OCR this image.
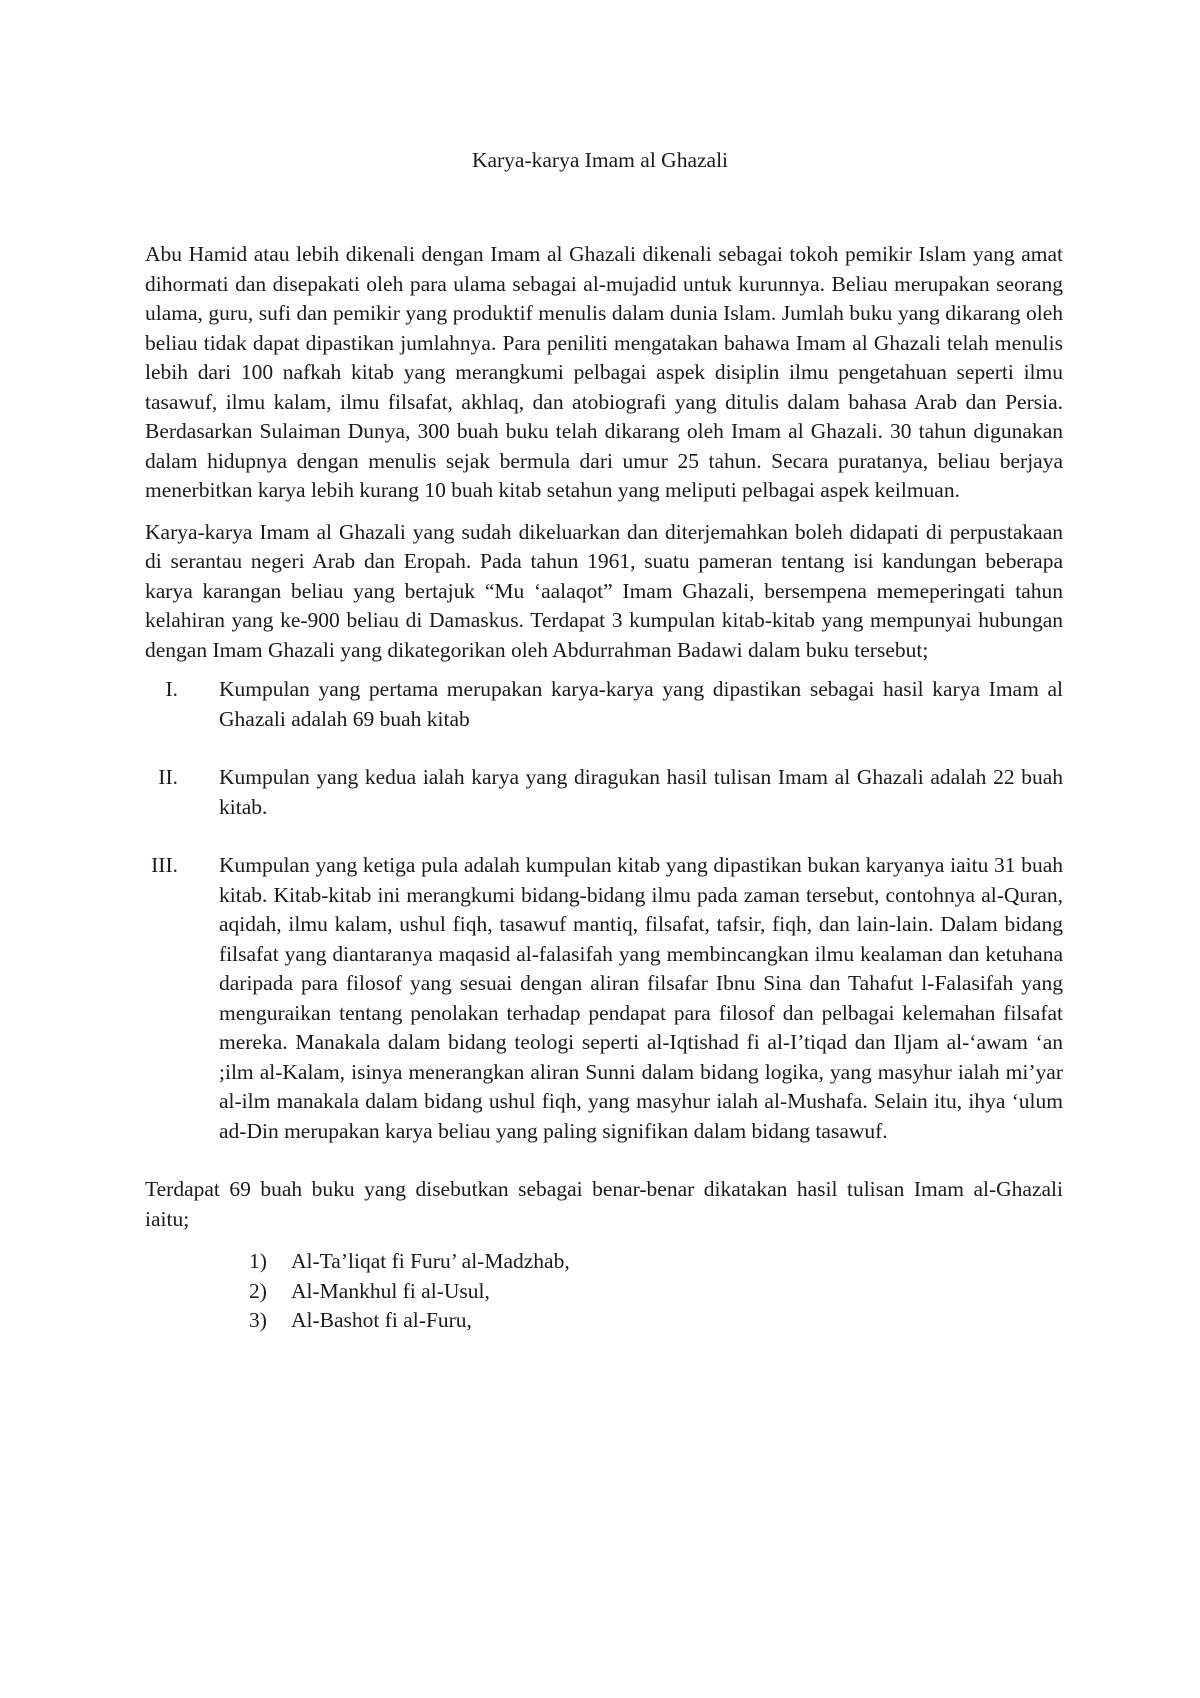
Karya-karya Imam al Ghazali

Abu Hamid atau lebih dikenali dengan Imam al Ghazali dikenali sebagai tokoh pemikir Islam yang amat dihormati dan disepakati oleh para ulama sebagai al-mujadid untuk kurunnya. Beliau merupakan seorang ulama, guru, sufi dan pemikir yang produktif menulis dalam dunia Islam. Jumlah buku yang dikarang oleh beliau tidak dapat dipastikan jumlahnya. Para peniliti mengatakan bahawa Imam al Ghazali telah menulis lebih dari 100 nafkah kitab yang merangkumi pelbagai aspek disiplin ilmu pengetahuan seperti ilmu tasawuf, ilmu kalam, ilmu filsafat, akhlaq, dan atobiografi yang ditulis dalam bahasa Arab dan Persia. Berdasarkan Sulaiman Dunya, 300 buah buku telah dikarang oleh Imam al Ghazali. 30 tahun digunakan dalam hidupnya dengan menulis sejak bermula dari umur 25 tahun. Secara puratanya, beliau berjaya menerbitkan karya lebih kurang 10 buah kitab setahun yang meliputi pelbagai aspek keilmuan.

Karya-karya Imam al Ghazali yang sudah dikeluarkan dan diterjemahkan boleh didapati di perpustakaan di serantau negeri Arab dan Eropah. Pada tahun 1961, suatu pameran tentang isi kandungan beberapa karya karangan beliau yang bertajuk “Mu ‘aalaqot” Imam Ghazali, bersempena memeperingati tahun kelahiran yang ke-900 beliau di Damaskus. Terdapat 3 kumpulan kitab-kitab yang mempunyai hubungan dengan Imam Ghazali yang dikategorikan oleh Abdurrahman Badawi dalam buku tersebut;

I. Kumpulan yang pertama merupakan karya-karya yang dipastikan sebagai hasil karya Imam al Ghazali adalah 69 buah kitab
II. Kumpulan yang kedua ialah karya yang diragukan hasil tulisan Imam al Ghazali adalah 22 buah kitab.
III. Kumpulan yang ketiga pula adalah kumpulan kitab yang dipastikan bukan karyanya iaitu 31 buah kitab. Kitab-kitab ini merangkumi bidang-bidang ilmu pada zaman tersebut, contohnya al-Quran, aqidah, ilmu kalam, ushul fiqh, tasawuf mantiq, filsafat, tafsir, fiqh, dan lain-lain. Dalam bidang filsafat yang diantaranya maqasid al-falasifah yang membincangkan ilmu kealaman dan ketuhana daripada para filosof yang sesuai dengan aliran filsafar Ibnu Sina dan Tahafut l-Falasifah yang menguraikan tentang penolakan terhadap pendapat para filosof dan pelbagai kelemahan filsafat mereka. Manakala dalam bidang teologi seperti al-Iqtishad fi al-I’tiqad dan Iljam al-‘awam ‘an ;ilm al-Kalam, isinya menerangkan aliran Sunni dalam bidang logika, yang masyhur ialah mi’yar al-ilm manakala dalam bidang ushul fiqh, yang masyhur ialah al-Mushafa. Selain itu, ihya ‘ulum ad-Din merupakan karya beliau yang paling signifikan dalam bidang tasawuf.

Terdapat 69 buah buku yang disebutkan sebagai benar-benar dikatakan hasil tulisan Imam al-Ghazali iaitu;

1) Al-Ta’liqat fi Furu’ al-Madzhab,
2) Al-Mankhul fi al-Usul,
3) Al-Bashot fi al-Furu,
